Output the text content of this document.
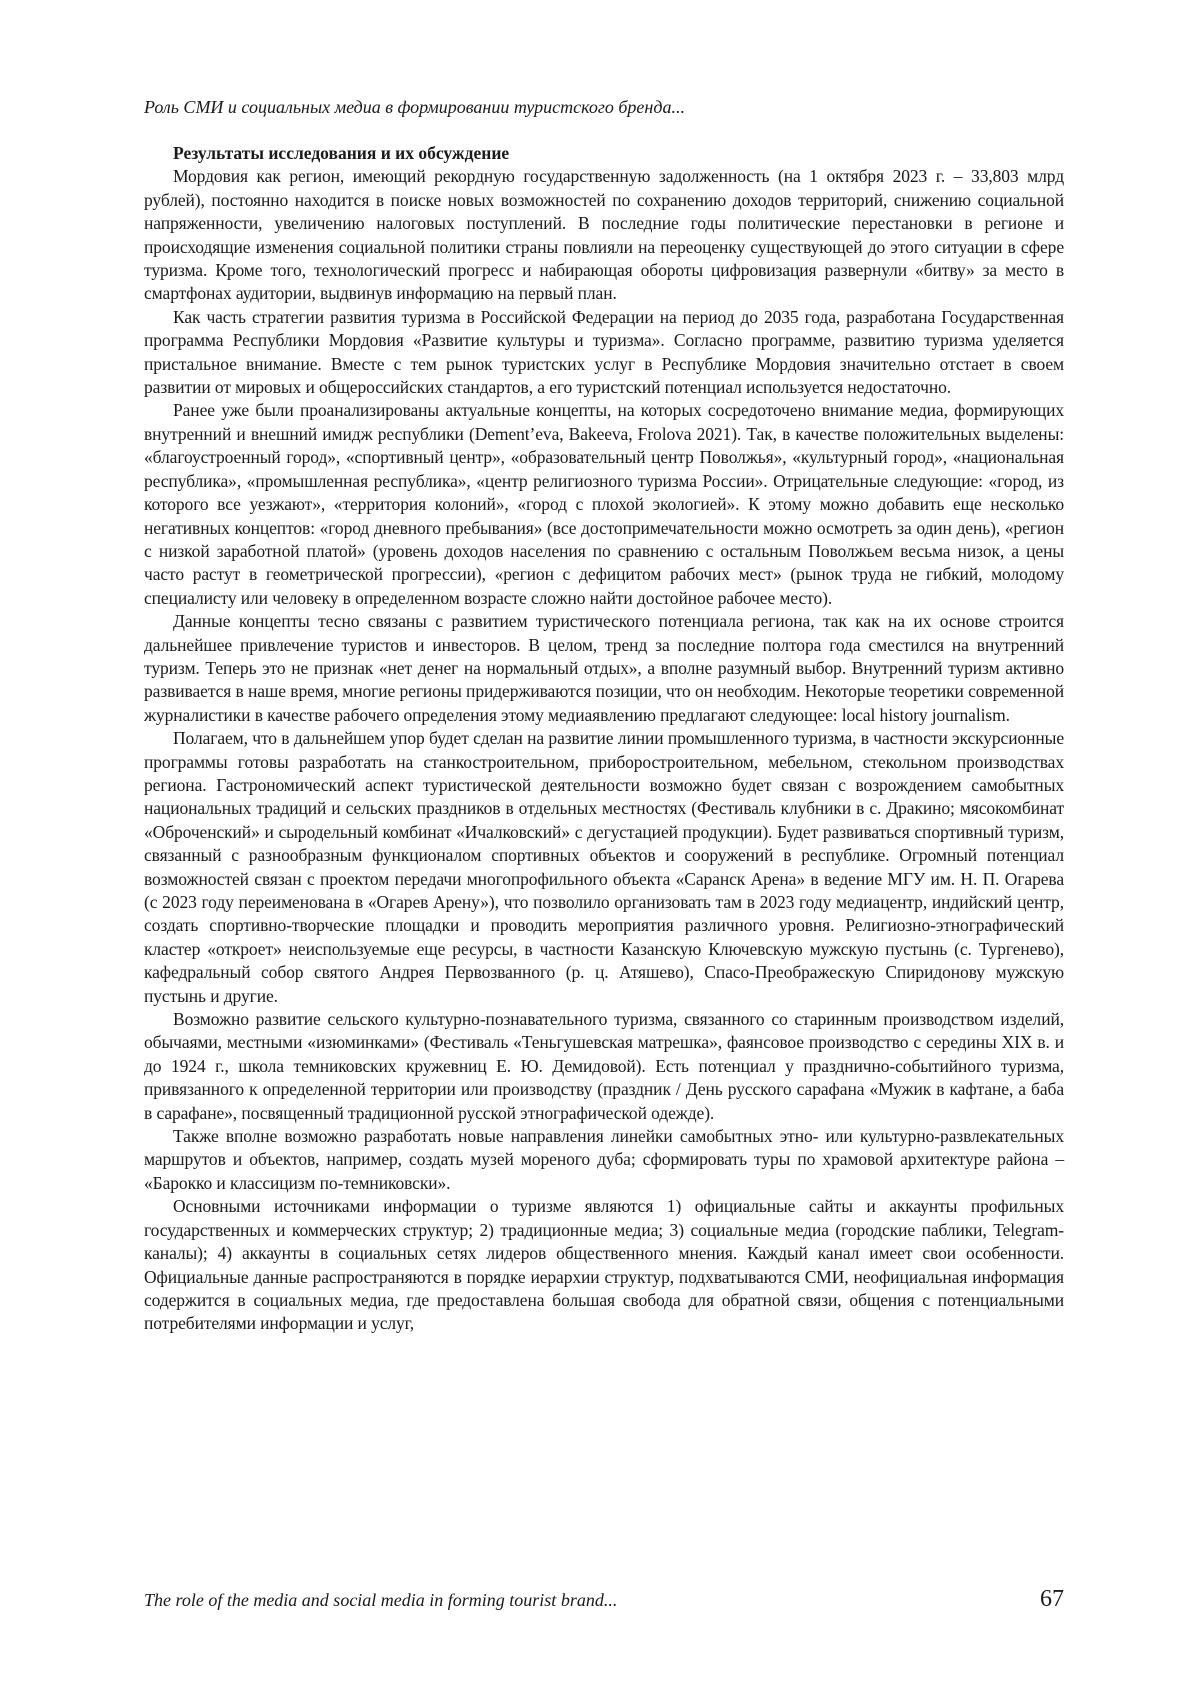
Роль СМИ и социальных медиа в формировании туристского бренда...

Результаты исследования и их обсуждение

Мордовия как регион, имеющий рекордную государственную задолженность (на 1 октября 2023 г. – 33,803 млрд рублей), постоянно находится в поиске новых возможностей по сохранению доходов территорий, снижению социальной напряженности, увеличению налоговых поступлений. В последние годы политические перестановки в регионе и происходящие изменения социальной политики страны повлияли на переоценку существующей до этого ситуации в сфере туризма. Кроме того, технологический прогресс и набирающая обороты цифровизация развернули «битву» за место в смартфонах аудитории, выдвинув информацию на первый план.

Как часть стратегии развития туризма в Российской Федерации на период до 2035 года, разработана Государственная программа Республики Мордовия «Развитие культуры и туризма». Согласно программе, развитию туризма уделяется пристальное внимание. Вместе с тем рынок туристских услуг в Республике Мордовия значительно отстает в своем развитии от мировых и общероссийских стандартов, а его туристский потенциал используется недостаточно.

Ранее уже были проанализированы актуальные концепты, на которых сосредоточено внимание медиа, формирующих внутренний и внешний имидж республики (Dement’eva, Bakeeva, Frolova 2021). Так, в качестве положительных выделены: «благоустроенный город», «спортивный центр», «образовательный центр Поволжья», «культурный город», «национальная республика», «промышленная республика», «центр религиозного туризма России». Отрицательные следующие: «город, из которого все уезжают», «территория колоний», «город с плохой экологией». К этому можно добавить еще несколько негативных концептов: «город дневного пребывания» (все достопримечательности можно осмотреть за один день), «регион с низкой заработной платой» (уровень доходов населения по сравнению с остальным Поволжьем весьма низок, а цены часто растут в геометрической прогрессии), «регион с дефицитом рабочих мест» (рынок труда не гибкий, молодому специалисту или человеку в определенном возрасте сложно найти достойное рабочее место).

Данные концепты тесно связаны с развитием туристического потенциала региона, так как на их основе строится дальнейшее привлечение туристов и инвесторов. В целом, тренд за последние полтора года сместился на внутренний туризм. Теперь это не признак «нет денег на нормальный отдых», а вполне разумный выбор. Внутренний туризм активно развивается в наше время, многие регионы придерживаются позиции, что он необходим. Некоторые теоретики современной журналистики в качестве рабочего определения этому медиаявлению предлагают следующее: local history journalism.

Полагаем, что в дальнейшем упор будет сделан на развитие линии промышленного туризма, в частности экскурсионные программы готовы разработать на станкостроительном, приборостроительном, мебельном, стекольном производствах региона. Гастрономический аспект туристической деятельности возможно будет связан с возрождением самобытных национальных традиций и сельских праздников в отдельных местностях (Фестиваль клубники в с. Дракино; мясокомбинат «Оброченский» и сыродельный комбинат «Ичалковский» с дегустацией продукции). Будет развиваться спортивный туризм, связанный с разнообразным функционалом спортивных объектов и сооружений в республике. Огромный потенциал возможностей связан с проектом передачи многопрофильного объекта «Саранск Арена» в ведение МГУ им. Н. П. Огарева (с 2023 году переименована в «Огарев Арену»), что позволило организовать там в 2023 году медиацентр, индийский центр, создать спортивно-творческие площадки и проводить мероприятия различного уровня. Религиозно-этнографический кластер «откроет» неиспользуемые еще ресурсы, в частности Казанскую Ключевскую мужскую пустынь (с. Тургенево), кафедральный собор святого Андрея Первозванного (р. ц. Атяшево), Спасо-Преображескую Спиридонову мужскую пустынь и другие.

Возможно развитие сельского культурно-познавательного туризма, связанного со старинным производством изделий, обычаями, местными «изюминками» (Фестиваль «Теньгушевская матрешка», фаянсовое производство с середины XIX в. и до 1924 г., школа темниковских кружевниц Е. Ю. Демидовой). Есть потенциал у празднично-событийного туризма, привязанного к определенной территории или производству (праздник / День русского сарафана «Мужик в кафтане, а баба в сарафане», посвященный традиционной русской этнографической одежде).

Также вполне возможно разработать новые направления линейки самобытных этно- или культурно-развлекательных маршрутов и объектов, например, создать музей мореного дуба; сформировать туры по храмовой архитектуре района – «Барокко и классицизм по-темниковски».

Основными источниками информации о туризме являются 1) официальные сайты и аккаунты профильных государственных и коммерческих структур; 2) традиционные медиа; 3) социальные медиа (городские паблики, Telegram-каналы); 4) аккаунты в социальных сетях лидеров общественного мнения. Каждый канал имеет свои особенности. Официальные данные распространяются в порядке иерархии структур, подхватываются СМИ, неофициальная информация содержится в социальных медиа, где предоставлена большая свобода для обратной связи, общения с потенциальными потребителями информации и услуг,

The role of the media and social media in forming tourist brand...	67
